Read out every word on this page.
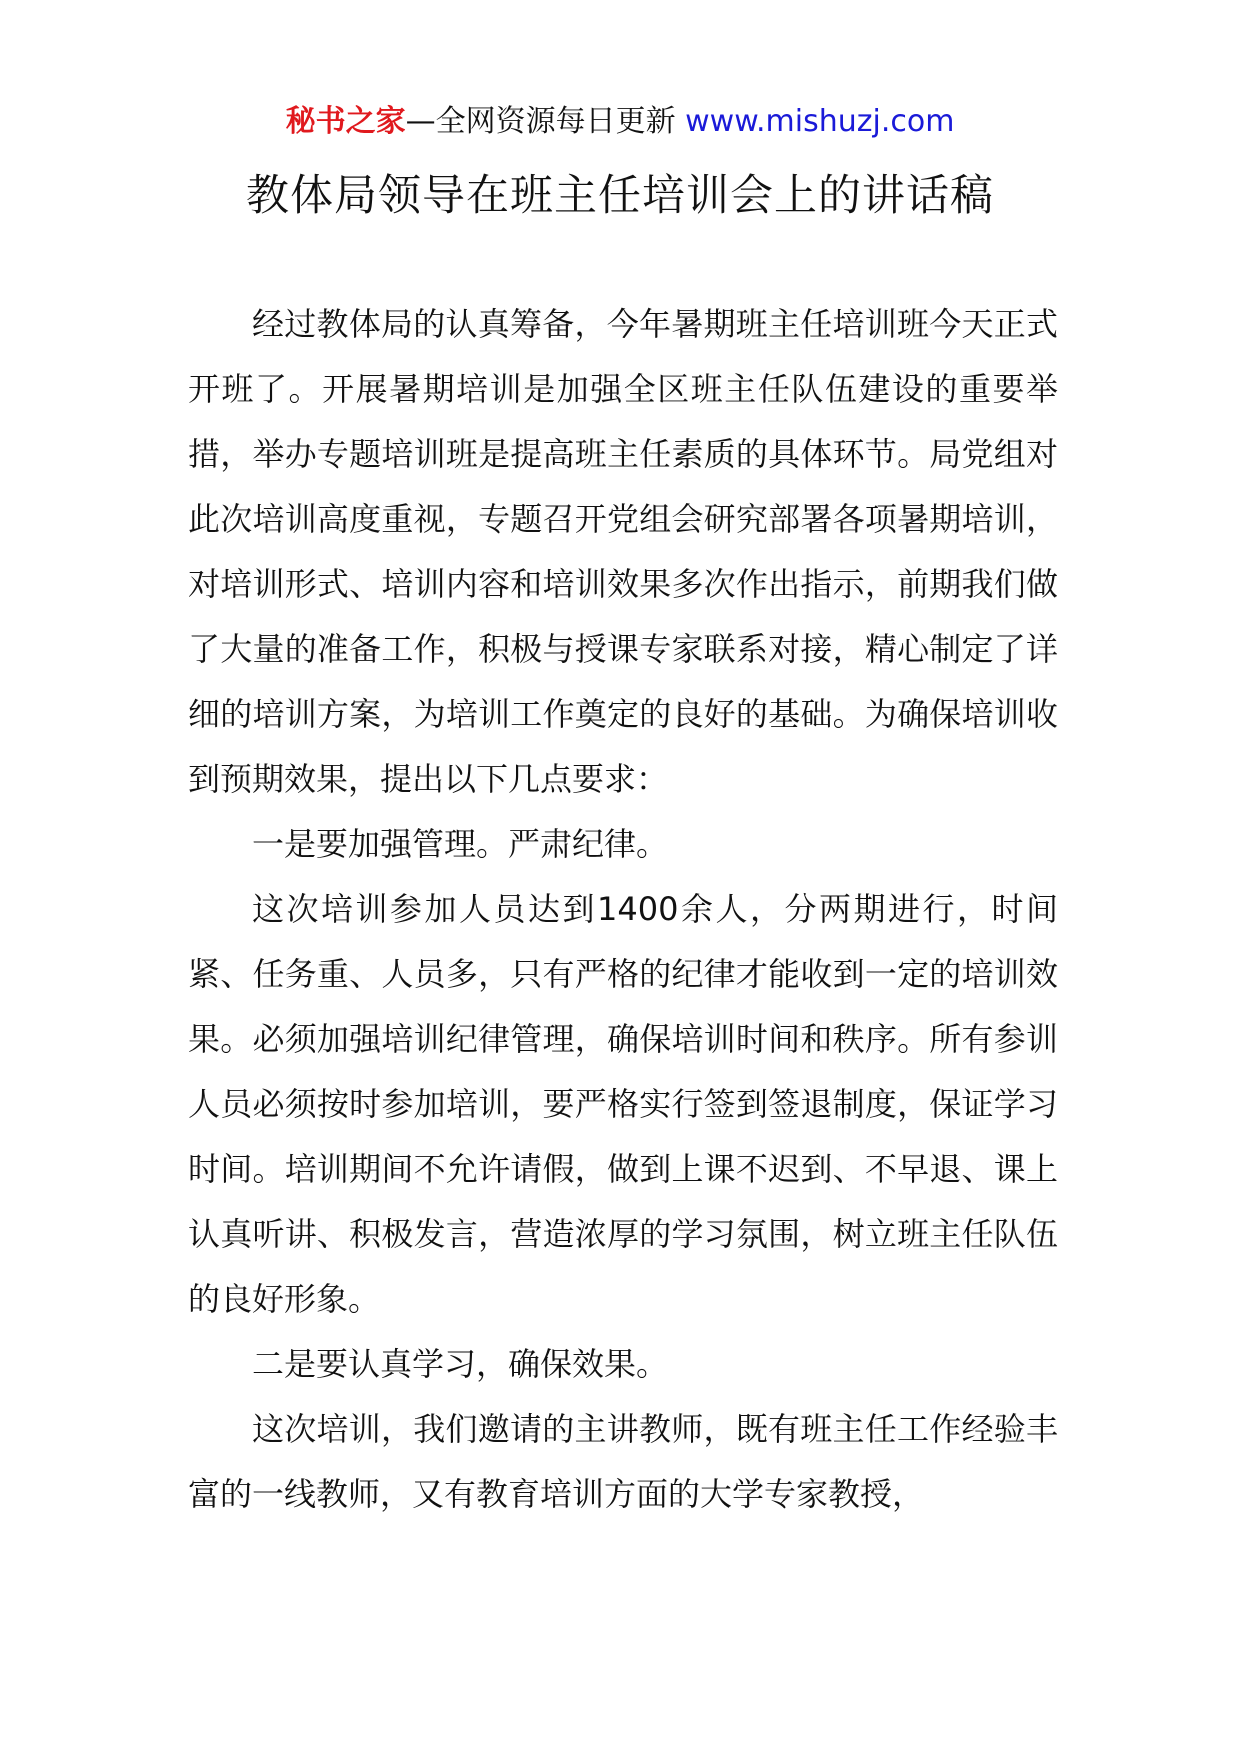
秘书之家—全网资源每日更新 www.mishuzj.com
教体局领导在班主任培训会上的讲话稿

经过教体局的认真筹备，今年暑期班主任培训班今天正式开班了。开展暑期培训是加强全区班主任队伍建设的重要举措，举办专题培训班是提高班主任素质的具体环节。局党组对此次培训高度重视，专题召开党组会研究部署各项暑期培训，对培训形式、培训内容和培训效果多次作出指示，前期我们做了大量的准备工作，积极与授课专家联系对接，精心制定了详细的培训方案，为培训工作奠定的良好的基础。为确保培训收到预期效果，提出以下几点要求：

一是要加强管理。严肃纪律。

这次培训参加人员达到1400余人，分两期进行，时间紧、任务重、人员多，只有严格的纪律才能收到一定的培训效果。必须加强培训纪律管理，确保培训时间和秩序。所有参训人员必须按时参加培训，要严格实行签到签退制度，保证学习时间。培训期间不允许请假，做到上课不迟到、不早退、课上认真听讲、积极发言，营造浓厚的学习氛围，树立班主任队伍的良好形象。

二是要认真学习，确保效果。

这次培训，我们邀请的主讲教师，既有班主任工作经验丰富的一线教师，又有教育培训方面的大学专家教授，
